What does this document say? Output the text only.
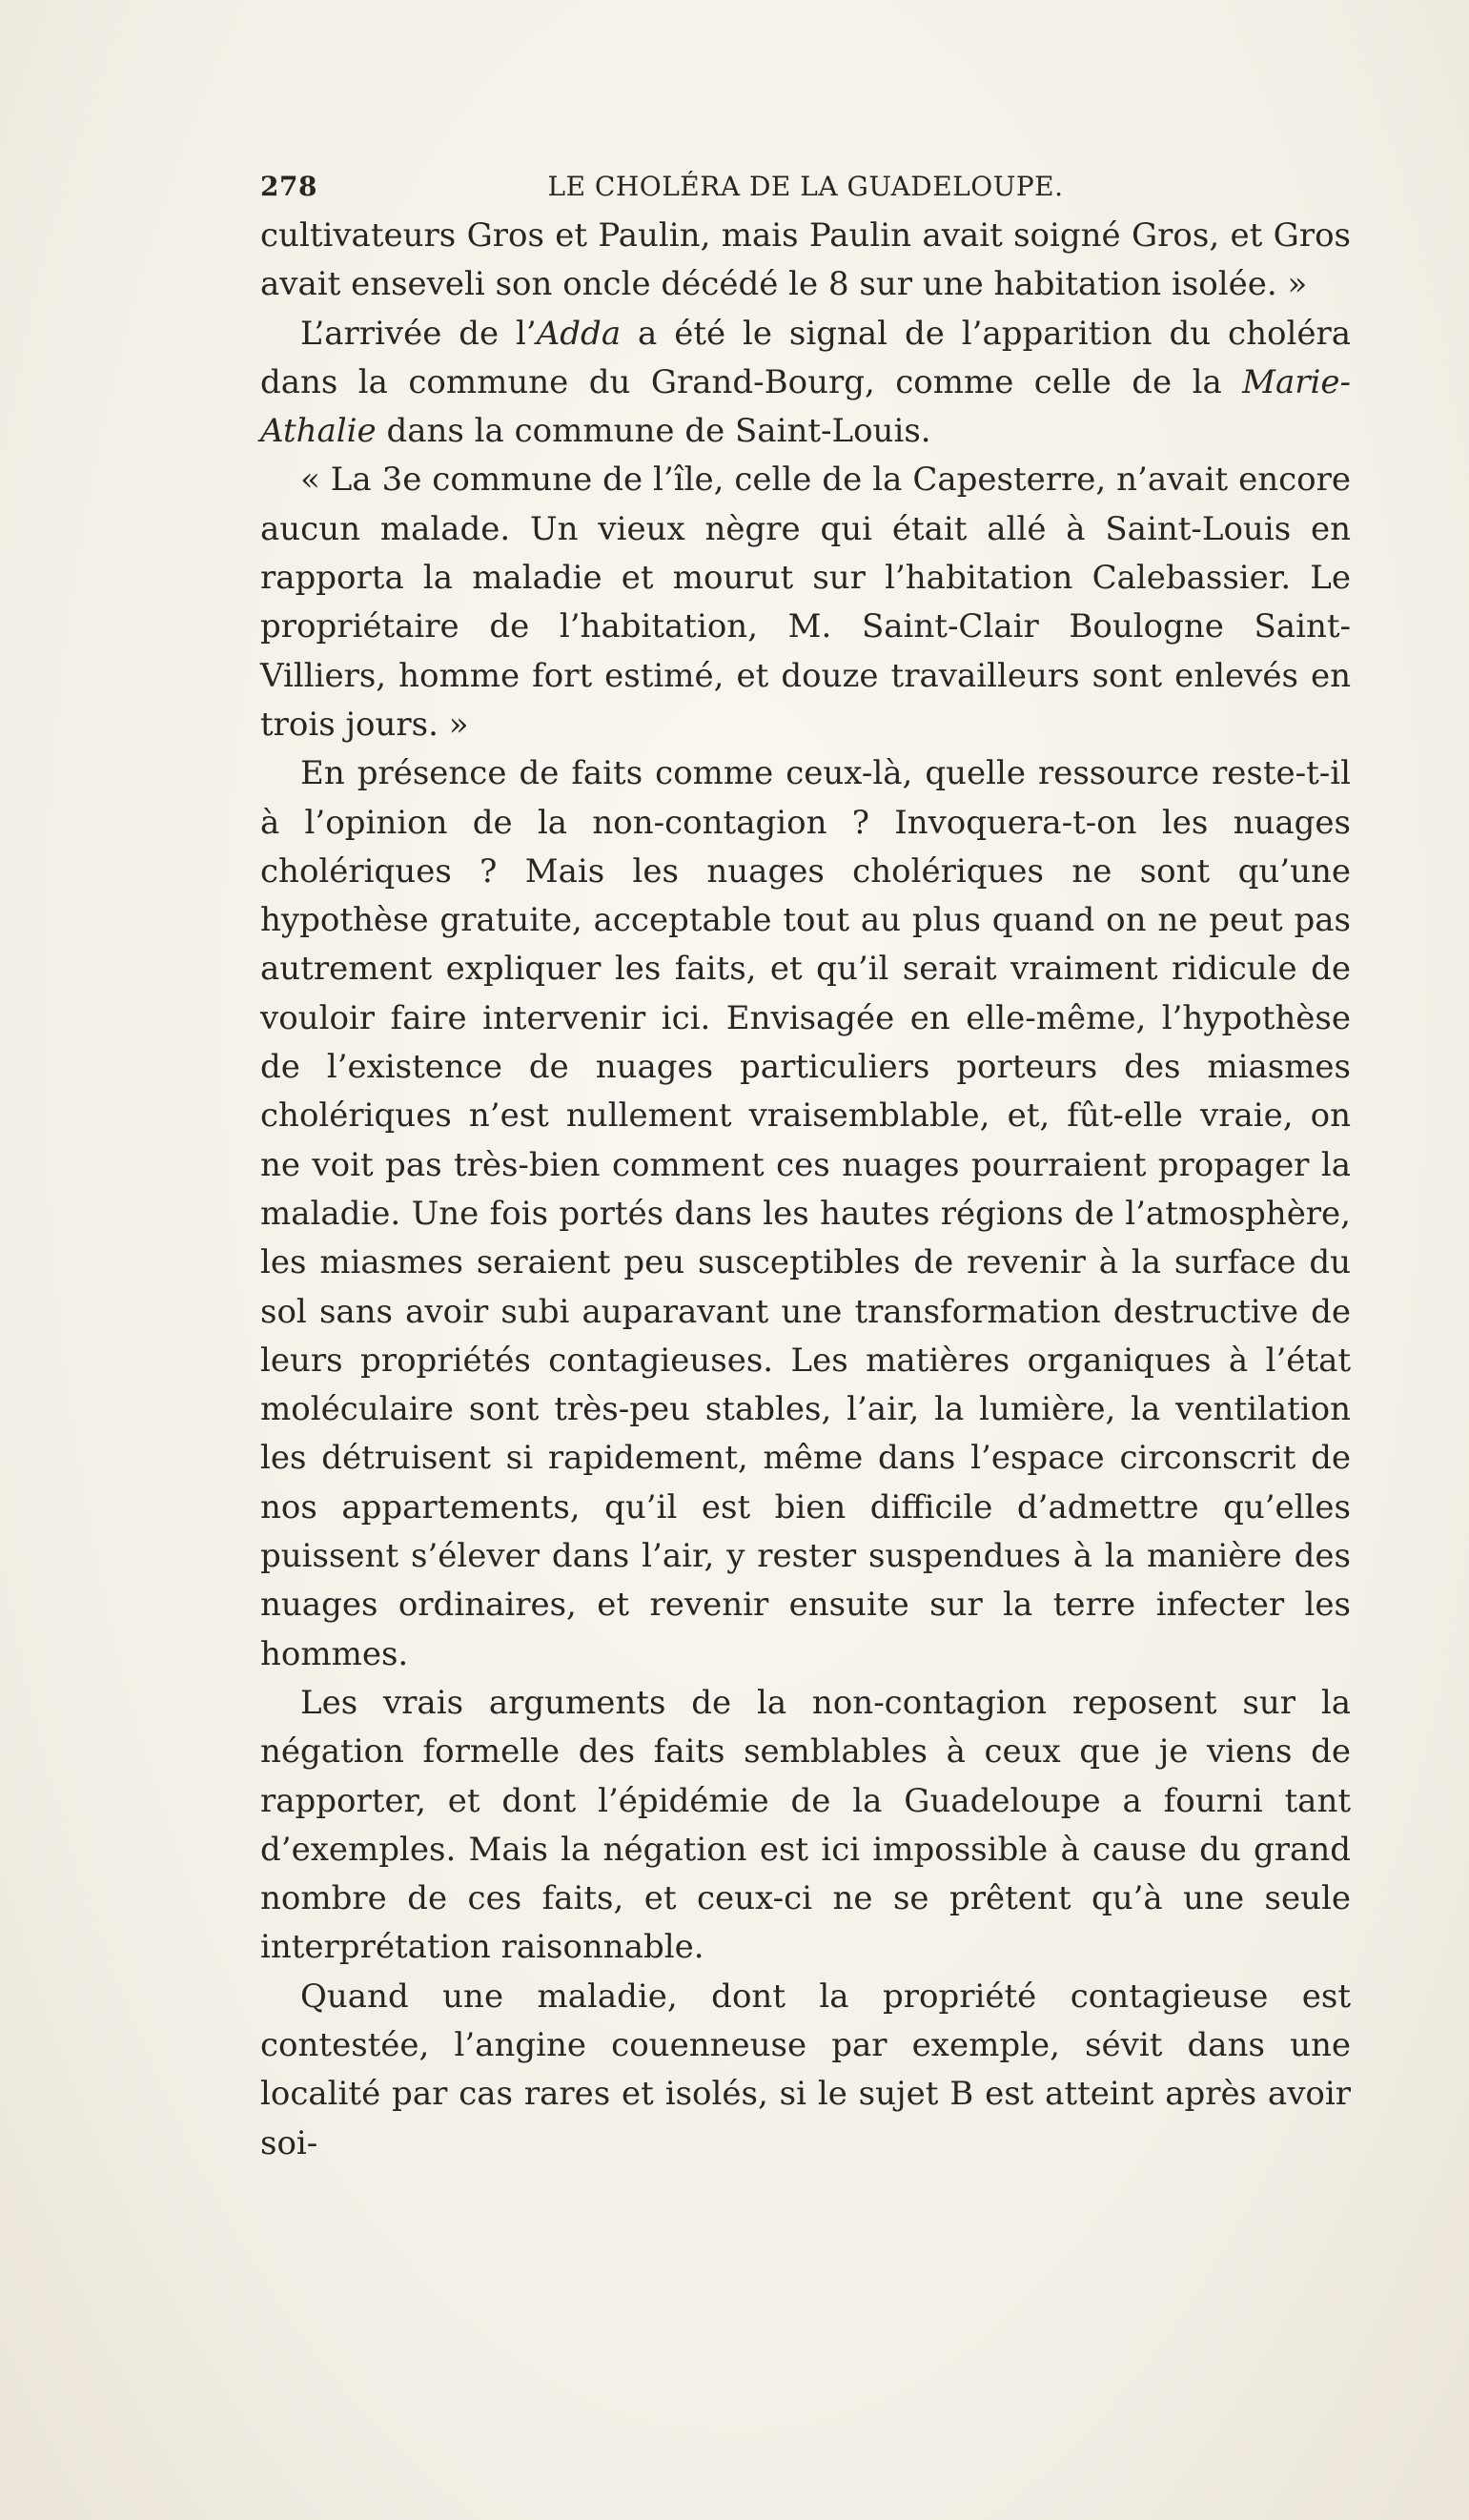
278	LE CHOLÉRA DE LA GUADELOUPE.

cultivateurs Gros et Paulin, mais Paulin avait soigné Gros, et Gros avait enseveli son oncle décédé le 8 sur une habitation isolée. »

L’arrivée de l’Adda a été le signal de l’apparition du choléra dans la commune du Grand-Bourg, comme celle de la Marie-Athalie dans la commune de Saint-Louis.

« La 3e commune de l’île, celle de la Capesterre, n’avait encore aucun malade. Un vieux nègre qui était allé à Saint-Louis en rapporta la maladie et mourut sur l’habitation Calebassier. Le propriétaire de l’habitation, M. Saint-Clair Boulogne Saint-Villiers, homme fort estimé, et douze travailleurs sont enlevés en trois jours. »

En présence de faits comme ceux-là, quelle ressource reste-t-il à l’opinion de la non-contagion ? Invoquera-t-on les nuages cholériques ? Mais les nuages cholériques ne sont qu’une hypothèse gratuite, acceptable tout au plus quand on ne peut pas autrement expliquer les faits, et qu’il serait vraiment ridicule de vouloir faire intervenir ici. Envisagée en elle-même, l’hypothèse de l’existence de nuages particuliers porteurs des miasmes cholériques n’est nullement vraisemblable, et, fût-elle vraie, on ne voit pas très-bien comment ces nuages pourraient propager la maladie. Une fois portés dans les hautes régions de l’atmosphère, les miasmes seraient peu susceptibles de revenir à la surface du sol sans avoir subi auparavant une transformation destructive de leurs propriétés contagieuses. Les matières organiques à l’état moléculaire sont très-peu stables, l’air, la lumière, la ventilation les détruisent si rapidement, même dans l’espace circonscrit de nos appartements, qu’il est bien difficile d’admettre qu’elles puissent s’élever dans l’air, y rester suspendues à la manière des nuages ordinaires, et revenir ensuite sur la terre infecter les hommes.

Les vrais arguments de la non-contagion reposent sur la négation formelle des faits semblables à ceux que je viens de rapporter, et dont l’épidémie de la Guadeloupe a fourni tant d’exemples. Mais la négation est ici impossible à cause du grand nombre de ces faits, et ceux-ci ne se prêtent qu’à une seule interprétation raisonnable.

Quand une maladie, dont la propriété contagieuse est contestée, l’angine couenneuse par exemple, sévit dans une localité par cas rares et isolés, si le sujet B est atteint après avoir soi-
